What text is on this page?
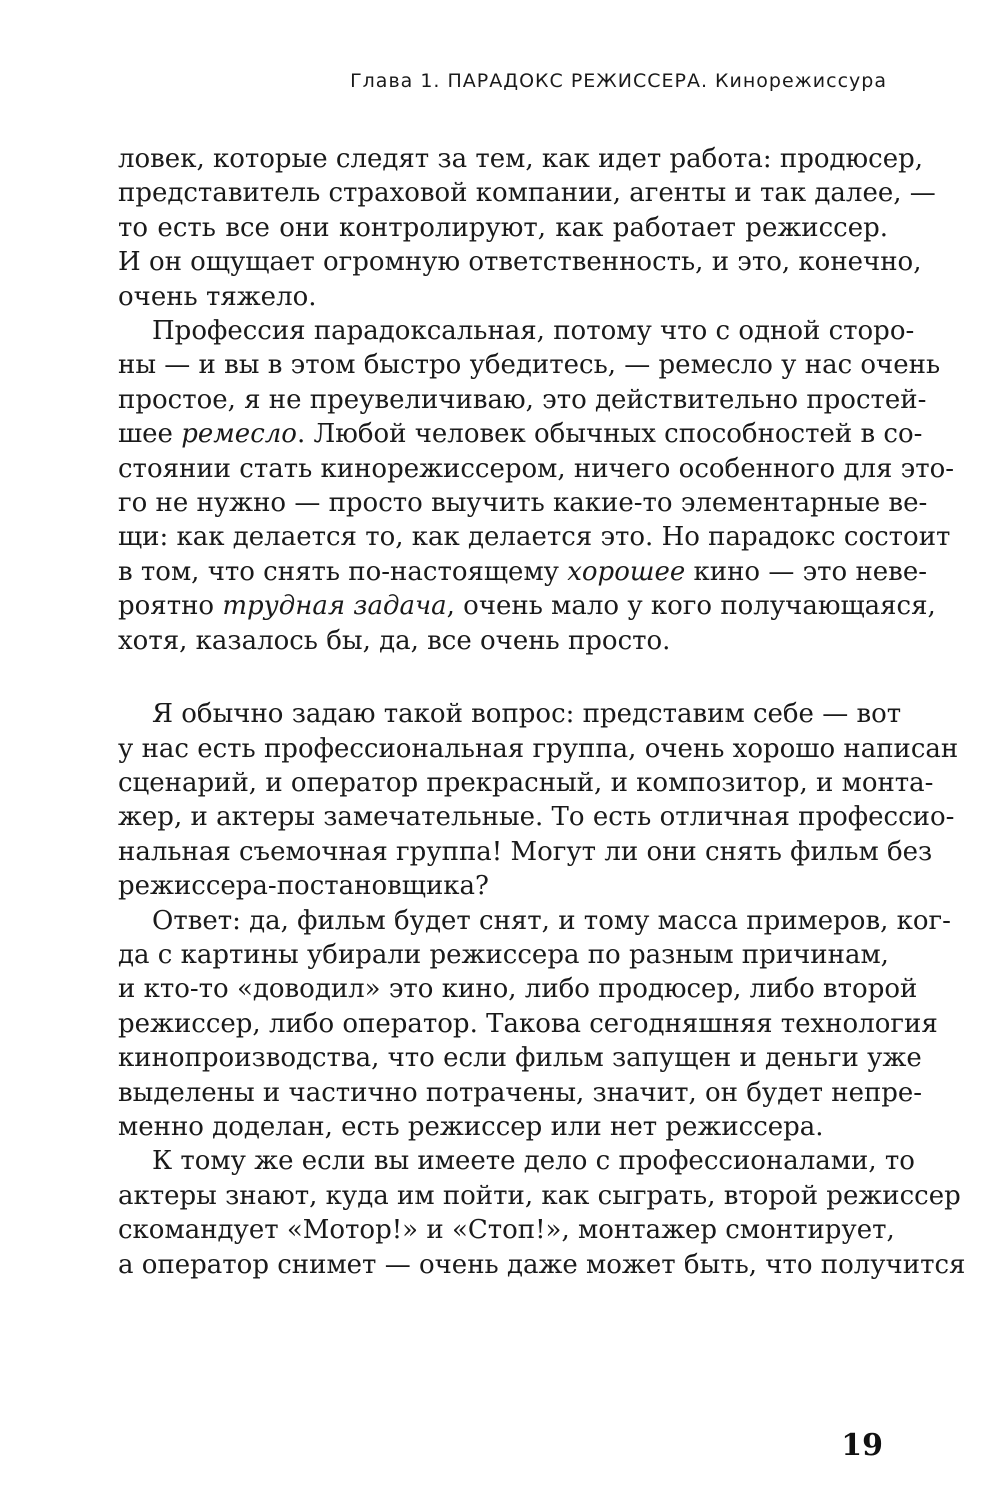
Глава 1. ПАРАДОКС РЕЖИССЕРА. Кинорежиссура
ловек, которые следят за тем, как идет работа: продюсер,
представитель страховой компании, агенты и так далее, —
то есть все они контролируют, как работает режиссер.
И он ощущает огромную ответственность, и это, конечно,
очень тяжело.
Профессия парадоксальная, потому что с одной сторо-
ны — и вы в этом быстро убедитесь, — ремесло у нас очень
простое, я не преувеличиваю, это действительно простей-
шее ремесло. Любой человек обычных способностей в со-
стоянии стать кинорежиссером, ничего особенного для это-
го не нужно — просто выучить какие-то элементарные ве-
щи: как делается то, как делается это. Но парадокс состоит
в том, что снять по-настоящему хорошее кино — это неве-
роятно трудная задача, очень мало у кого получающаяся,
хотя, казалось бы, да, все очень просто.
Я обычно задаю такой вопрос: представим себе — вот
у нас есть профессиональная группа, очень хорошо написан
сценарий, и оператор прекрасный, и композитор, и монта-
жер, и актеры замечательные. То есть отличная профессио-
нальная съемочная группа! Могут ли они снять фильм без
режиссера-постановщика?
Ответ: да, фильм будет снят, и тому масса примеров, ког-
да с картины убирали режиссера по разным причинам,
и кто-то «доводил» это кино, либо продюсер, либо второй
режиссер, либо оператор. Такова сегодняшняя технология
кинопроизводства, что если фильм запущен и деньги уже
выделены и частично потрачены, значит, он будет непре-
менно доделан, есть режиссер или нет режиссера.
К тому же если вы имеете дело с профессионалами, то
актеры знают, куда им пойти, как сыграть, второй режиссер
скомандует «Мотор!» и «Стоп!», монтажер смонтирует,
а оператор снимет — очень даже может быть, что получится
19
